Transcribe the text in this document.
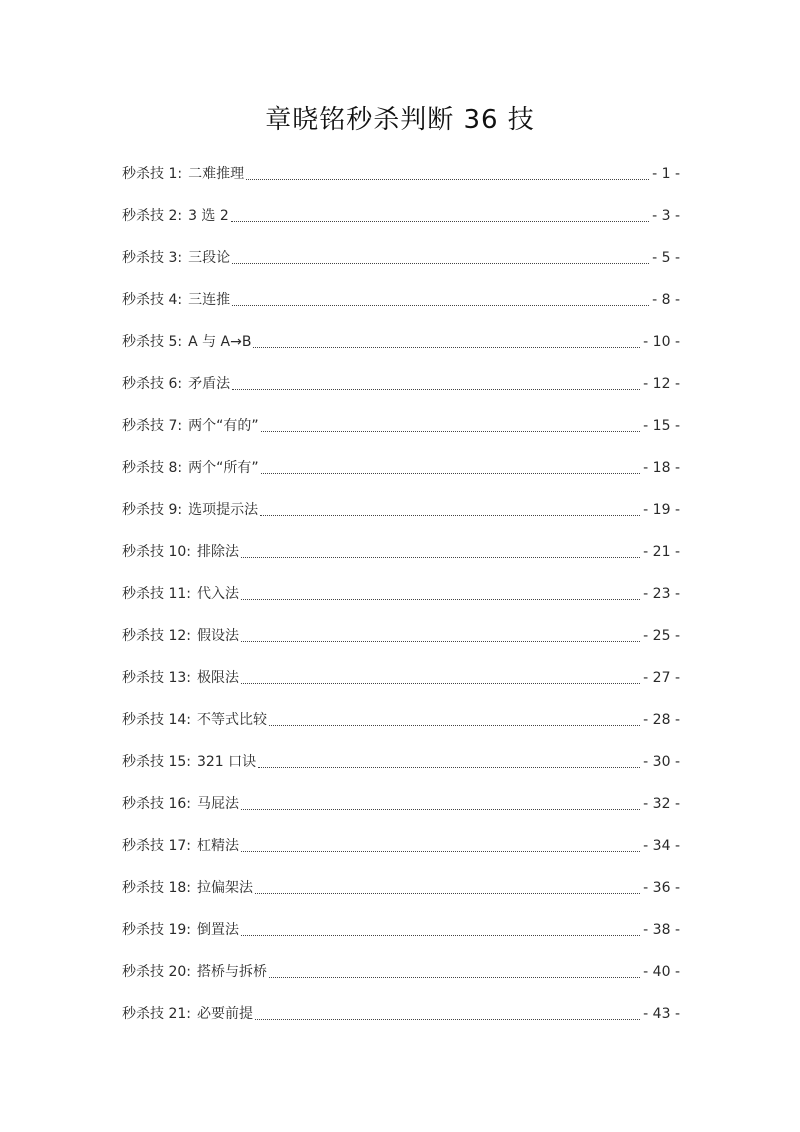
章晓铭秒杀判断 36 技
秒杀技 1 : 二难推理	- 1 -
秒杀技 2 : 3 选 2	- 3 -
秒杀技 3 : 三段论	- 5 -
秒杀技 4 : 三连推	- 8 -
秒杀技 5 : A 与 A→B	- 10 -
秒杀技 6 : 矛盾法	- 12 -
秒杀技 7 : 两个“有的”	- 15 -
秒杀技 8 : 两个“所有”	- 18 -
秒杀技 9 : 选项提示法	- 19 -
秒杀技 10 : 排除法	- 21 -
秒杀技 11 : 代入法	- 23 -
秒杀技 12 : 假设法	- 25 -
秒杀技 13 : 极限法	- 27 -
秒杀技 14 : 不等式比较	- 28 -
秒杀技 15 : 321 口诀	- 30 -
秒杀技 16 : 马屁法	- 32 -
秒杀技 17 : 杠精法	- 34 -
秒杀技 18 : 拉偏架法	- 36 -
秒杀技 19 : 倒置法	- 38 -
秒杀技 20 : 搭桥与拆桥	- 40 -
秒杀技 21 : 必要前提	- 43 -
